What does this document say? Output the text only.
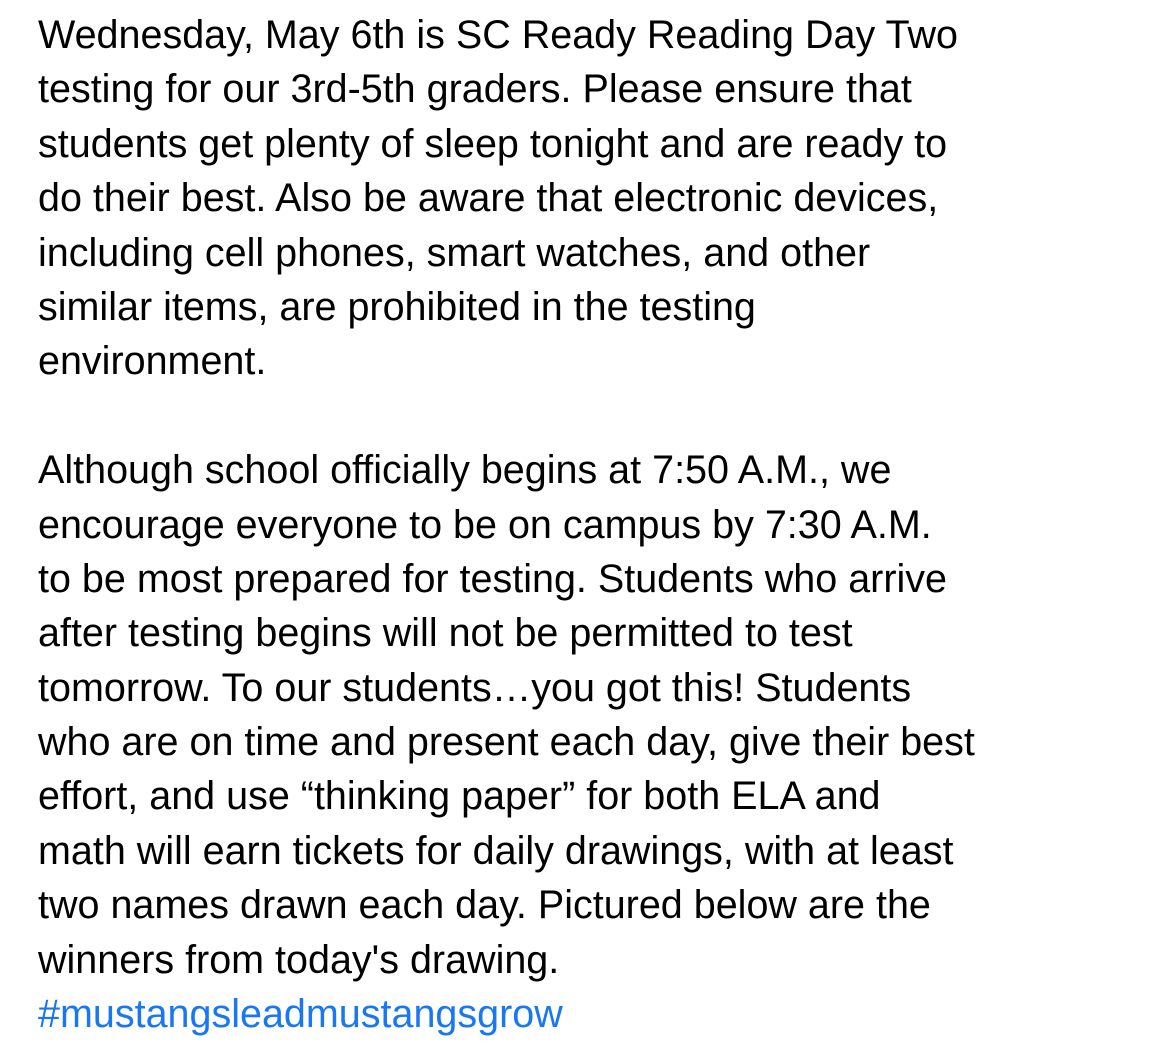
Wednesday, May 6th is SC Ready Reading Day Two
testing for our 3rd-5th graders. Please ensure that
students get plenty of sleep tonight and are ready to
do their best. Also be aware that electronic devices,
including cell phones, smart watches, and other
similar items, are prohibited in the testing
environment.

Although school officially begins at 7:50 A.M., we
encourage everyone to be on campus by 7:30 A.M.
to be most prepared for testing. Students who arrive
after testing begins will not be permitted to test
tomorrow. To our students…you got this! Students
who are on time and present each day, give their best
effort, and use “thinking paper” for both ELA and
math will earn tickets for daily drawings, with at least
two names drawn each day. Pictured below are the
winners from today's drawing.

#mustangsleadmustangsgrow
